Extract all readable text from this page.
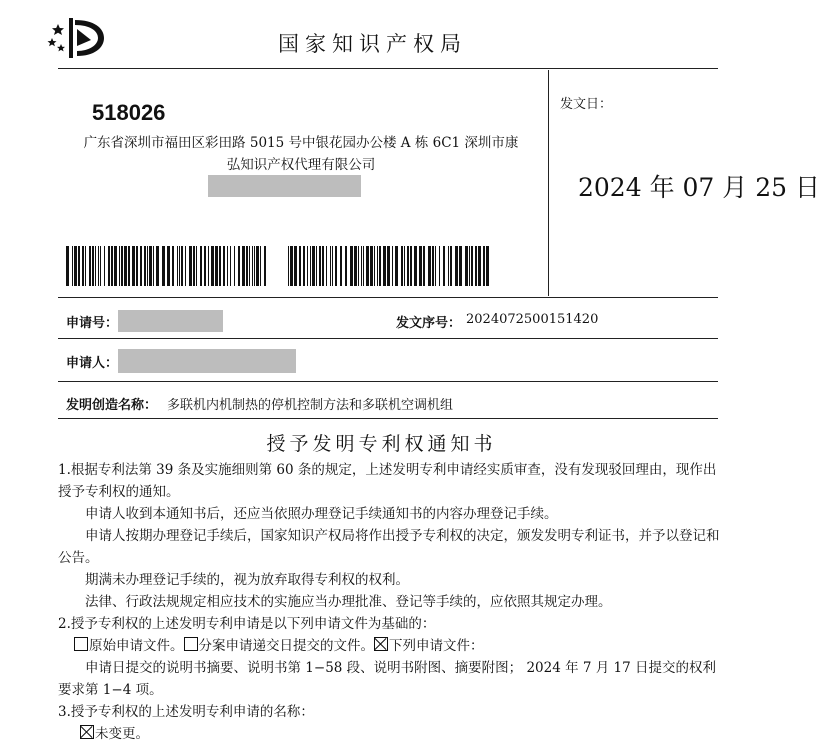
国家知识产权局
518026
广东省深圳市福田区彩田路 5015 号中银花园办公楼 A 栋 6C1 深圳市康
弘知识产权代理有限公司
发文日：
2024 年 07 月 25 日
申请号：	发文序号： 2024072500151420
申请人：
发明创造名称： 多联机内机制热的停机控制方法和多联机空调机组
授予发明专利权通知书

1.根据专利法第 39 条及实施细则第 60 条的规定，上述发明专利申请经实质审查，没有发现驳回理由，现作出授予专利权的通知。

申请人收到本通知书后，还应当依照办理登记手续通知书的内容办理登记手续。

申请人按期办理登记手续后，国家知识产权局将作出授予专利权的决定，颁发发明专利证书，并予以登记和公告。

期满未办理登记手续的，视为放弃取得专利权的权利。

法律、行政法规规定相应技术的实施应当办理批准、登记等手续的，应依照其规定办理。

2.授予专利权的上述发明专利申请是以下列申请文件为基础的：

原始申请文件。 分案申请递交日提交的文件。 下列申请文件：

申请日提交的说明书摘要、说明书第 1−58 段、说明书附图、摘要附图； 2024 年 7 月 17 日提交的权利要求第 1−4 项。

3.授予专利权的上述发明专利申请的名称：

未变更。
